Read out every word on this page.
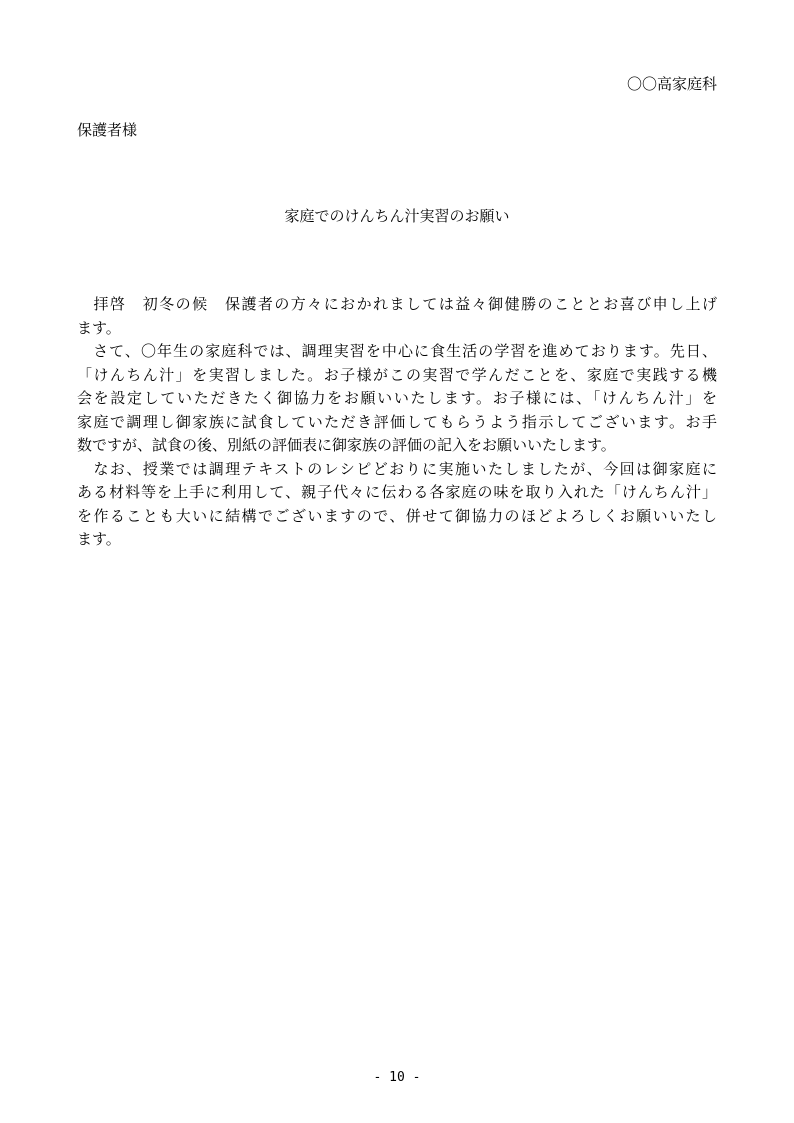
〇〇高家庭科
保護者様
家庭でのけんちん汁実習のお願い
　拝啓　初冬の候　保護者の方々におかれましては益々御健勝のこととお喜び申し上げ
ます。
　さて、〇年生の家庭科では、調理実習を中心に食生活の学習を進めております。先日、
「けんちん汁」を実習しました。お子様がこの実習で学んだことを、家庭で実践する機
会を設定していただきたく御協力をお願いいたします。お子様には、「けんちん汁」を
家庭で調理し御家族に試食していただき評価してもらうよう指示してございます。お手
数ですが、試食の後、別紙の評価表に御家族の評価の記入をお願いいたします。
　なお、授業では調理テキストのレシピどおりに実施いたしましたが、今回は御家庭に
ある材料等を上手に利用して、親子代々に伝わる各家庭の味を取り入れた「けんちん汁」
を作ることも大いに結構でございますので、併せて御協力のほどよろしくお願いいたし
ます。
- 10 -
